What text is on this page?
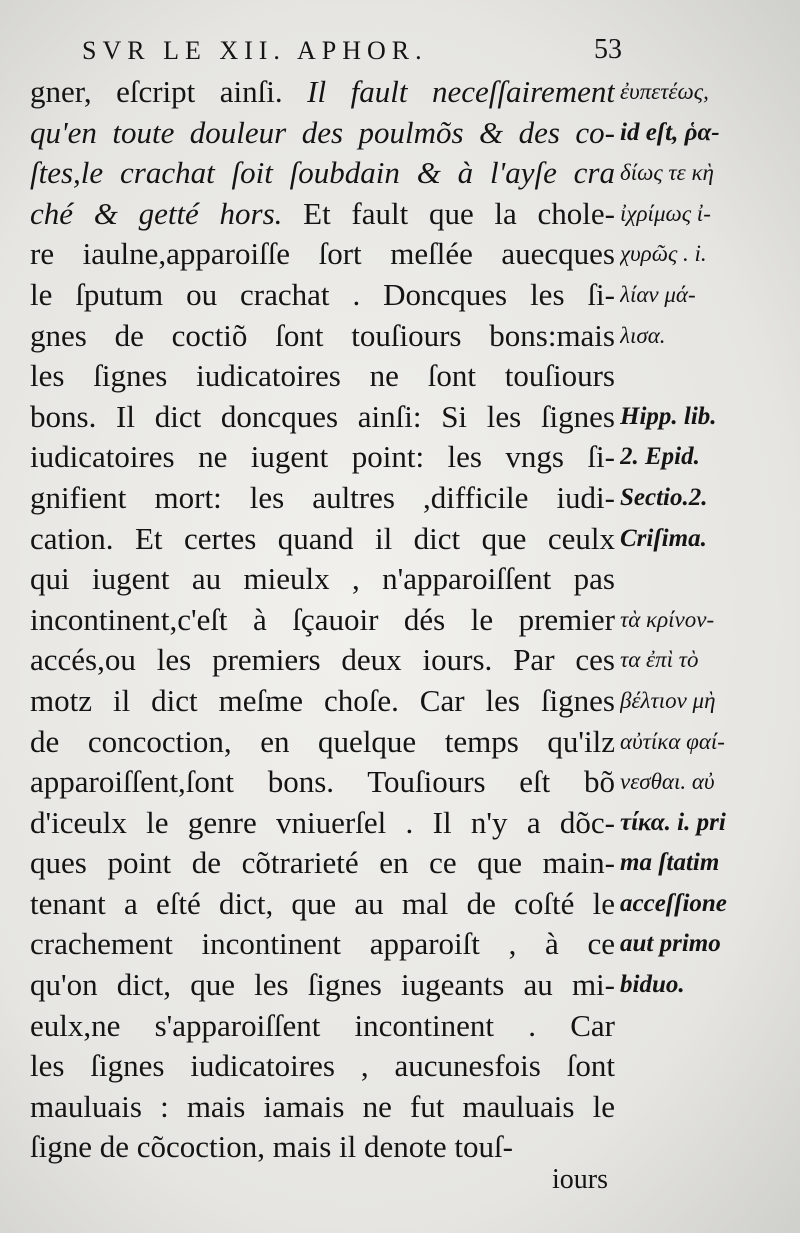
SVR LE XII. APHOR.	53
gner, eſcript ainſi. Il fault neceſſairement
qu'en toute douleur des poulmõs & des co-
ſtes,le crachat ſoit ſoubdain & à l'ayſe cra
ché & getté hors. Et fault que la chole-
re iaulne,apparoiſſe ſort meſlée auecques
le ſputum ou crachat . Doncques les ſi-
gnes de coctiõ ſont touſiours bons:mais
les ſignes iudicatoires ne ſont touſiours
bons. Il dict doncques ainſi: Si les ſignes
iudicatoires ne iugent point: les vngs ſi-
gnifient mort: les aultres ,difficile iudi-
cation. Et certes quand il dict que ceulx
qui iugent au mieulx , n'apparoiſſent pas
incontinent,c'eſt à ſçauoir dés le premier
accés,ou les premiers deux iours. Par ces
motz il dict meſme choſe. Car les ſignes
de concoction, en quelque temps qu'ilz
apparoiſſent,ſont bons. Touſiours eſt bõ
d'iceulx le genre vniuerſel . Il n'y a dõc-
ques point de cõtrarieté en ce que main-
tenant a eſté dict, que au mal de coſté le
crachement incontinent apparoiſt , à ce
qu'on dict, que les ſignes iugeants au mi-
eulx,ne s'apparoiſſent incontinent . Car
les ſignes iudicatoires , aucunesfois ſont
mauluais : mais iamais ne fut mauluais le
ſigne de cõcoction, mais il denote touſ-
ἐυπετέως,
id eſt, ῥα-
δίως τε κὴ
ἰχρίμως ἰ-
χυρῶς . i.
λίαν μά-
λισα.
Hipp. lib.
2. Epid.
Sectio.2.
Criſima.
τὰ κρίνον-
τα ἐπὶ τὸ
βέλτιον μὴ
αὐτίκα φαί-
νεσθαι. αὐ
τίκα. i. pri
ma ſtatim
acceſſione
aut primo
biduo.
iours
